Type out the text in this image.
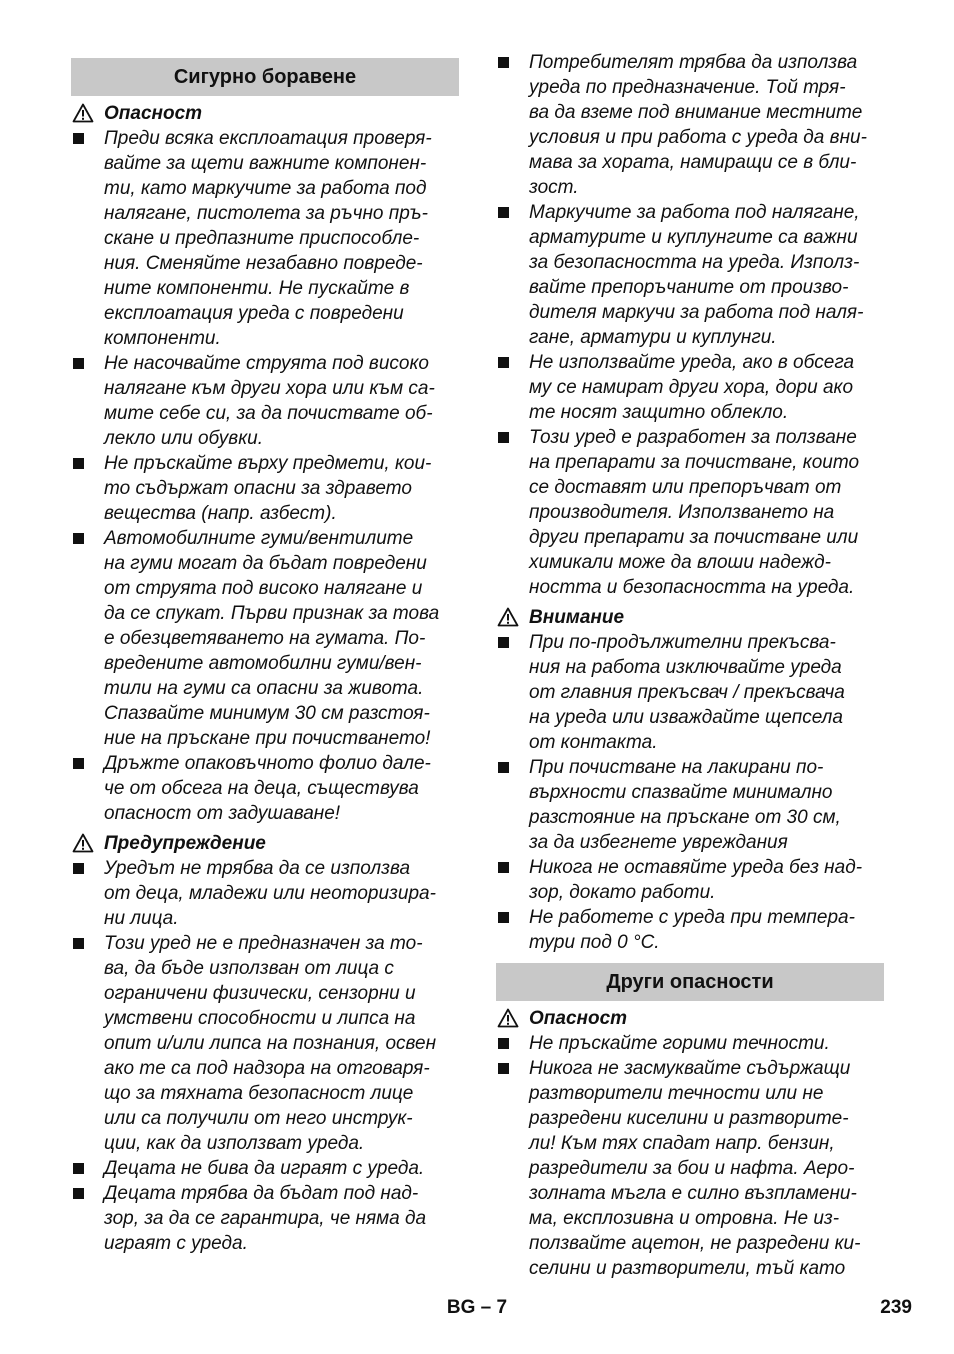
Сигурно боравене
Опасност
Преди всяка експлоатация проверя-
вайте за щети важните компонен-
ти, като маркучите за работа под
налягане, пистолета за ръчно пръ-
скане и предпазните приспособле-
ния. Сменяйте незабавно повреде-
ните компоненти. Не пускайте в
експлоатация уреда с повредени
компоненти.
Не насочвайте струята под високо
налягане към други хора или към са-
мите себе си, за да почиствате об-
лекло или обувки.
Не пръскайте върху предмети, кои-
то съдържат опасни за здравето
вещества (напр. азбест).
Автомобилните гуми/вентилите
на гуми могат да бъдат повредени
от струята под високо налягане и
да се спукат. Първи признак за това
е обезцветяването на гумата. По-
вредените автомобилни гуми/вен-
тили на гуми са опасни за живота.
Спазвайте минимум 30 см разстоя-
ние на пръскане при почистването!
Дръжте опаковъчното фолио дале-
че от обсега на деца, съществува
опасност от задушаване!
Предупреждение
Уредът не трябва да се използва
от деца, младежи или неоторизира-
ни лица.
Този уред не е предназначен за то-
ва, да бъде използван от лица с
ограничени физически, сензорни и
умствени способности и липса на
опит и/или липса на познания, освен
ако те са под надзора на отговаря-
що за тяхната безопасност лице
или са получили от него инструк-
ции, как да използват уреда.
Децата не бива да играят с уреда.
Децата трябва да бъдат под над-
зор, за да се гарантира, че няма да
играят с уреда.
Потребителят трябва да използва
уреда по предназначение. Той тря-
ва да вземе под внимание местните
условия и при работа с уреда да вни-
мава за хората, намиращи се в бли-
зост.
Маркучите за работа под налягане,
арматурите и куплунгите са важни
за безопасността на уреда. Използ-
вайте препоръчаните от произво-
дителя маркучи за работа под наля-
гане, арматури и куплунги.
Не използвайте уреда, ако в обсега
му се намират други хора, дори ако
те носят защитно облекло.
Този уред е разработен за ползване
на препарати за почистване, които
се доставят или препоръчват от
производителя. Използването на
други препарати за почистване или
химикали може да влоши надежд-
ността и безопасността на уреда.
Внимание
При по-продължителни прекъсва-
ния на работа изключвайте уреда
от главния прекъсвач / прекъсвача
на уреда или изваждайте щепсела
от контакта.
При почистване на лакирани по-
върхности спазвайте минимално
разстояние на пръскане от 30 см,
за да избегнете увреждания
Никога не оставяйте уреда без над-
зор, докато работи.
Не работете с уреда при темпера-
тури под 0 °C.
Други опасности
Опасност
Не пръскайте горими течности.
Никога не засмуквайте съдържащи
разтворители течности или не
разредени киселини и разтворите-
ли! Към тях спадат напр. бензин,
разредители за бои и нафта. Аеро-
золната мъгла е силно възпламени-
ма, експлозивна и отровна. Не из-
ползвайте ацетон, не разредени ки-
селини и разтворители, тъй като
BG – 7	239
